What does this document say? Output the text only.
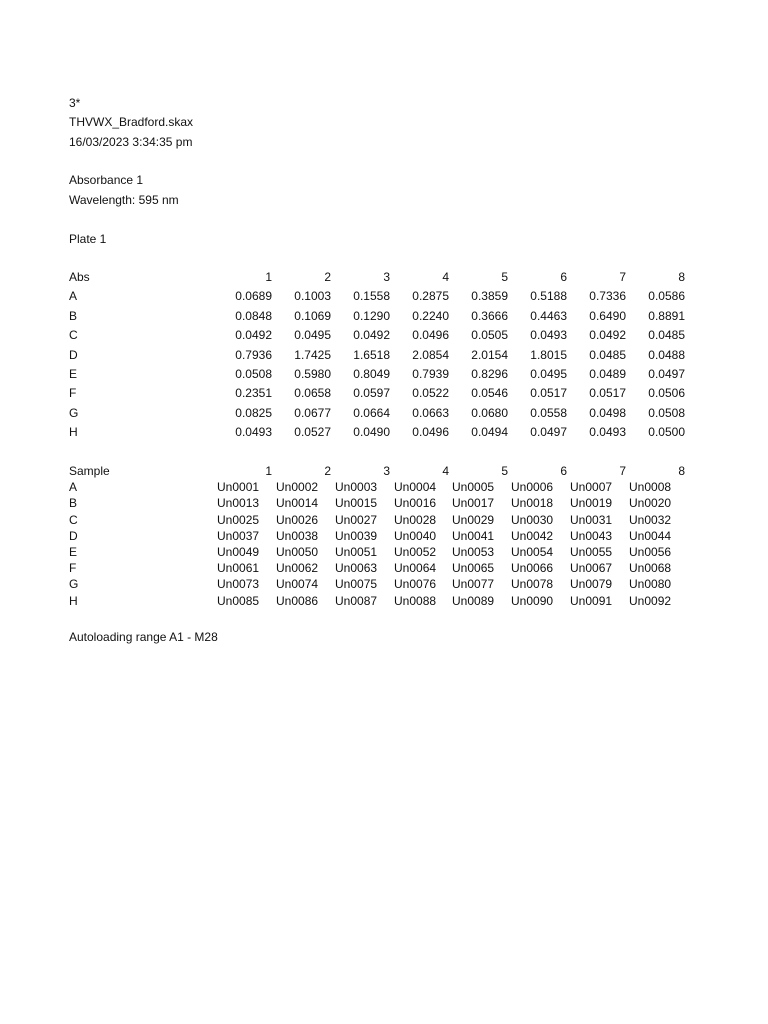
3*
THVWX_Bradford.skax
16/03/2023 3:34:35 pm
Absorbance 1
Wavelength: 595 nm
Plate 1
Abs	1	2	3	4	5	6	7	8
A	0.0689	0.1003	0.1558	0.2875	0.3859	0.5188	0.7336	0.0586
B	0.0848	0.1069	0.1290	0.2240	0.3666	0.4463	0.6490	0.8891
C	0.0492	0.0495	0.0492	0.0496	0.0505	0.0493	0.0492	0.0485
D	0.7936	1.7425	1.6518	2.0854	2.0154	1.8015	0.0485	0.0488
E	0.0508	0.5980	0.8049	0.7939	0.8296	0.0495	0.0489	0.0497
F	0.2351	0.0658	0.0597	0.0522	0.0546	0.0517	0.0517	0.0506
G	0.0825	0.0677	0.0664	0.0663	0.0680	0.0558	0.0498	0.0508
H	0.0493	0.0527	0.0490	0.0496	0.0494	0.0497	0.0493	0.0500
Sample	1	2	3	4	5	6	7	8
A	Un0001	Un0002	Un0003	Un0004	Un0005	Un0006	Un0007	Un0008
B	Un0013	Un0014	Un0015	Un0016	Un0017	Un0018	Un0019	Un0020
C	Un0025	Un0026	Un0027	Un0028	Un0029	Un0030	Un0031	Un0032
D	Un0037	Un0038	Un0039	Un0040	Un0041	Un0042	Un0043	Un0044
E	Un0049	Un0050	Un0051	Un0052	Un0053	Un0054	Un0055	Un0056
F	Un0061	Un0062	Un0063	Un0064	Un0065	Un0066	Un0067	Un0068
G	Un0073	Un0074	Un0075	Un0076	Un0077	Un0078	Un0079	Un0080
H	Un0085	Un0086	Un0087	Un0088	Un0089	Un0090	Un0091	Un0092
Autoloading range A1 - M28
